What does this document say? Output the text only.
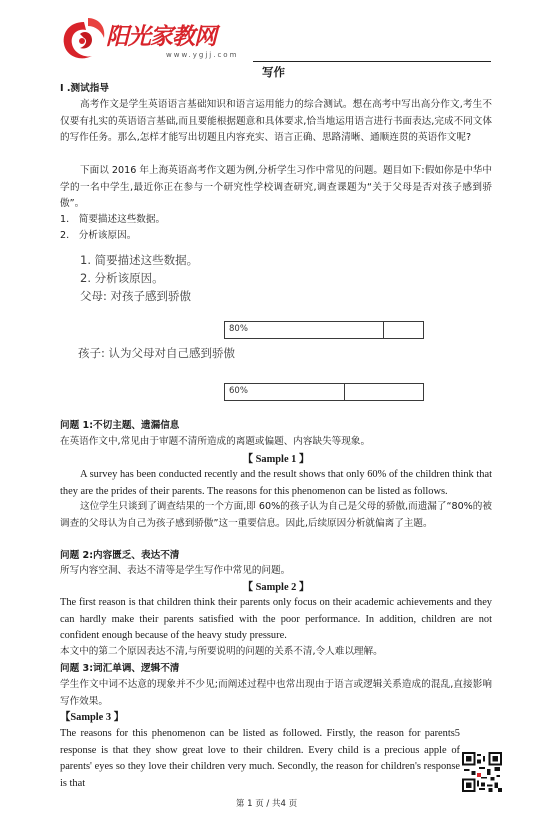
阳光家教网
www.ygjj.com
写作
I .测试指导
高考作文是学生英语语言基础知识和语言运用能力的综合测试。想在高考中写出高分作文,考生不仅要有扎实的英语语言基础,而且要能根据题意和具体要求,恰当地运用语言进行书面表达,完成不同文体的写作任务。那么,怎样才能写出切题且内容充实、语言正确、思路清晰、通顺连贯的英语作文呢?
下面以 2016 年上海英语高考作文题为例,分析学生习作中常见的问题。题目如下:假如你是中华中学的一名中学生,最近你正在参与一个研究性学校调查研究,调查课题为“关于父母是否对孩子感到骄傲”。
1.　简要描述这些数据。
2.　分析该原因。
1. 简要描述这些数据。
2. 分析该原因。
父母: 对孩子感到骄傲
80%
孩子: 认为父母对自己感到骄傲
60%
问题 1:不切主题、遗漏信息
在英语作文中,常见由于审题不清所造成的离题或偏题、内容缺失等现象。
【 Sample 1 】
A survey has been conducted recently and the result shows that only 60% of the children think that they are the prides of their parents. The reasons for this phenomenon can be listed as follows.
这位学生只谈到了调查结果的一个方面,即 60%的孩子认为自己是父母的骄傲,而遗漏了“80%的被调查的父母认为自己为孩子感到骄傲”这一重要信息。因此,后续原因分析就偏离了主题。
问题 2:内容匮乏、表达不清
所写内容空洞、表达不清等是学生写作中常见的问题。
【 Sample 2 】
The first reason is that children think their parents only focus on their academic achievements and they can hardly make their parents satisfied with the poor performance. In addition, children are not confident enough because of the heavy study pressure.
本文中的第二个原因表达不清,与所要说明的问题的关系不清,令人难以理解。
问题 3:词汇单调、逻辑不清
学生作文中词不达意的现象并不少见;而阐述过程中也常出现由于语言或逻辑关系造成的混乱,直接影响写作效果。
【Sample 3 】
The reasons for this phenomenon can be listed as followed. Firstly, the reason for parents5 response is that they show great love to their children. Every child is a precious apple of parents' eyes so they love their children very much. Secondly, the reason for children's response is that
第 1 页 / 共4 页
